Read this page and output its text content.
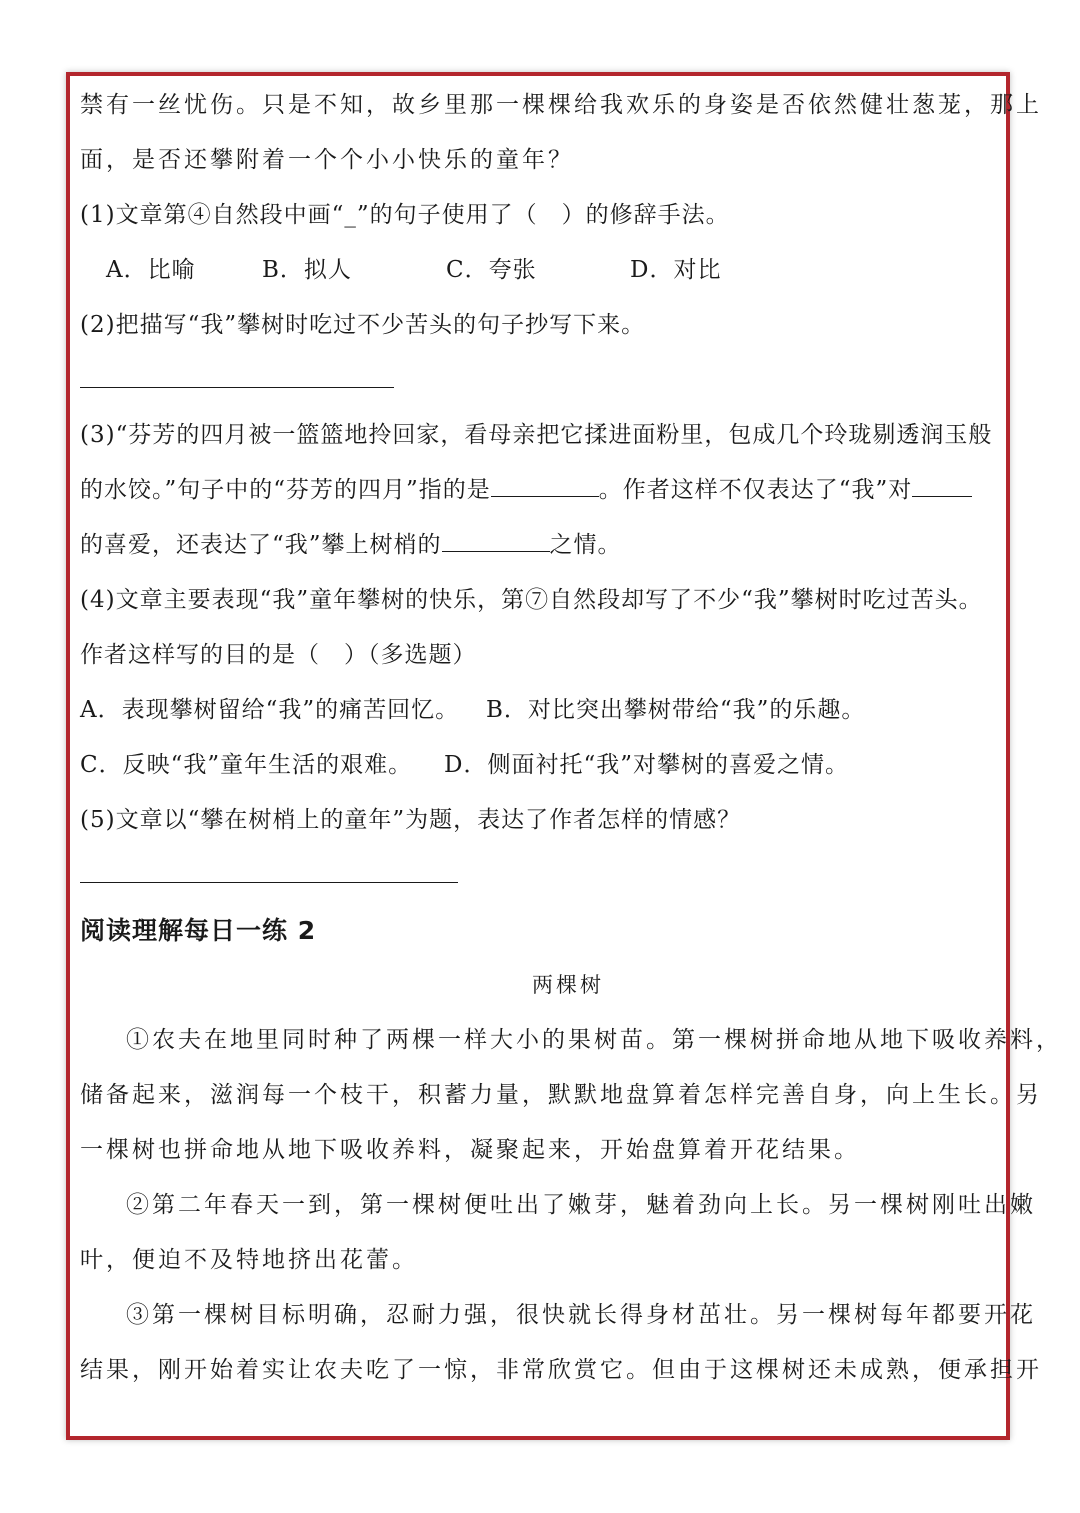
禁有一丝忧伤。只是不知，故乡里那一棵棵给我欢乐的身姿是否依然健壮葱茏，那上
面，是否还攀附着一个个小小快乐的童年？
(1)文章第④自然段中画“_”的句子使用了（　）的修辞手法。
A．比喻	B．拟人	C．夸张	D．对比
(2)把描写“我”攀树时吃过不少苦头的句子抄写下来。
(3)“芬芳的四月被一篮篮地拎回家，看母亲把它揉进面粉里，包成几个玲珑剔透润玉般
的水饺。”句子中的“芬芳的四月”指的是	。作者这样不仅表达了“我”对
的喜爱，还表达了“我”攀上树梢的	之情。
(4)文章主要表现“我”童年攀树的快乐，第⑦自然段却写了不少“我”攀树时吃过苦头。
作者这样写的目的是（　）（多选题）
A．表现攀树留给“我”的痛苦回忆。 B．对比突出攀树带给“我”的乐趣。
C．反映“我”童年生活的艰难。 D．侧面衬托“我”对攀树的喜爱之情。
(5)文章以“攀在树梢上的童年”为题，表达了作者怎样的情感？
阅读理解每日一练 2
两棵树
①农夫在地里同时种了两棵一样大小的果树苗。第一棵树拼命地从地下吸收养料，
储备起来，滋润每一个枝干，积蓄力量，默默地盘算着怎样完善自身，向上生长。另
一棵树也拼命地从地下吸收养料，凝聚起来，开始盘算着开花结果。
②第二年春天一到，第一棵树便吐出了嫩芽，魅着劲向上长。另一棵树刚吐出嫩
叶，便迫不及特地挤出花蕾。
③第一棵树目标明确，忍耐力强，很快就长得身材茁壮。另一棵树每年都要开花
结果，刚开始着实让农夫吃了一惊，非常欣赏它。但由于这棵树还未成熟，便承担开
